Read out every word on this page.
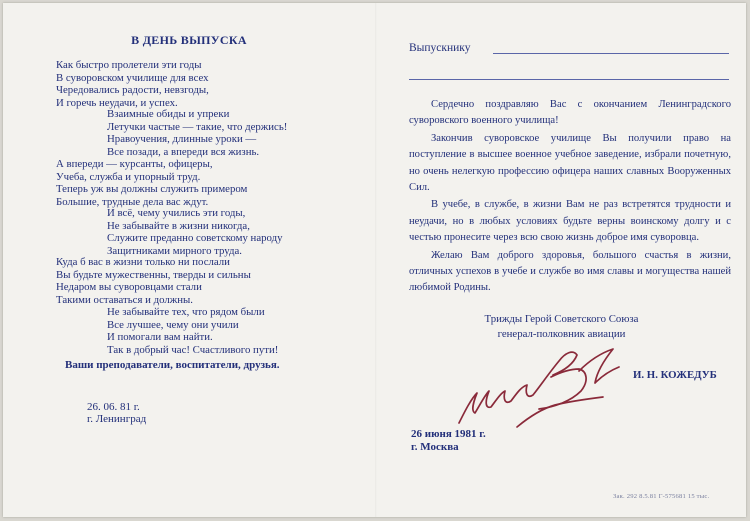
В ДЕНЬ ВЫПУСКА
Как быстро пролетели эти годы
В суворовском училище для всех
Чередовались радости, невзгоды,
И горечь неудачи, и успех.
Взаимные обиды и упреки
Летучки частые — такие, что держись!
Нравоучения, длинные уроки —
Все позади, а впереди вся жизнь.
А впереди — курсанты, офицеры,
Учеба, служба и упорный труд.
Теперь уж вы должны служить примером
Большие, трудные дела вас ждут.
И всё, чему учились эти годы,
Не забывайте в жизни никогда,
Служите преданно советскому народу
Защитниками мирного труда.
Куда б вас в жизни только ни послали
Вы будьте мужественны, тверды и сильны
Недаром вы суворовцами стали
Такими оставаться и должны.
Не забывайте тех, что рядом были
Все лучшее, чему они учили
И помогали вам найти.
Так в добрый час! Счастливого пути!
Ваши преподаватели, воспитатели, друзья.
26. 06. 81 г.
г. Ленинград
Выпускнику

Сердечно поздравляю Вас с окончанием Ленинградского суворовского военного училища!

Закончив суворовское училище Вы получили право на поступление в высшее военное учебное заведение, избрали почетную, но очень нелегкую профессию офицера наших славных Вооруженных Сил.

В учебе, в службе, в жизни Вам не раз встретятся трудности и неудачи, но в любых условиях будьте верны воинскому долгу и с честью пронесите через всю свою жизнь доброе имя суворовца.

Желаю Вам доброго здоровья, большого счастья в жизни, отличных успехов в учебе и службе во имя славы и могущества нашей любимой Родины.

Трижды Герой Советского Союза
генерал-полковник авиации
И. Н. КОЖЕДУБ
26 июня 1981 г.
г. Москва
Зак. 292 8.5.81 Г-575681 15 тыс.
